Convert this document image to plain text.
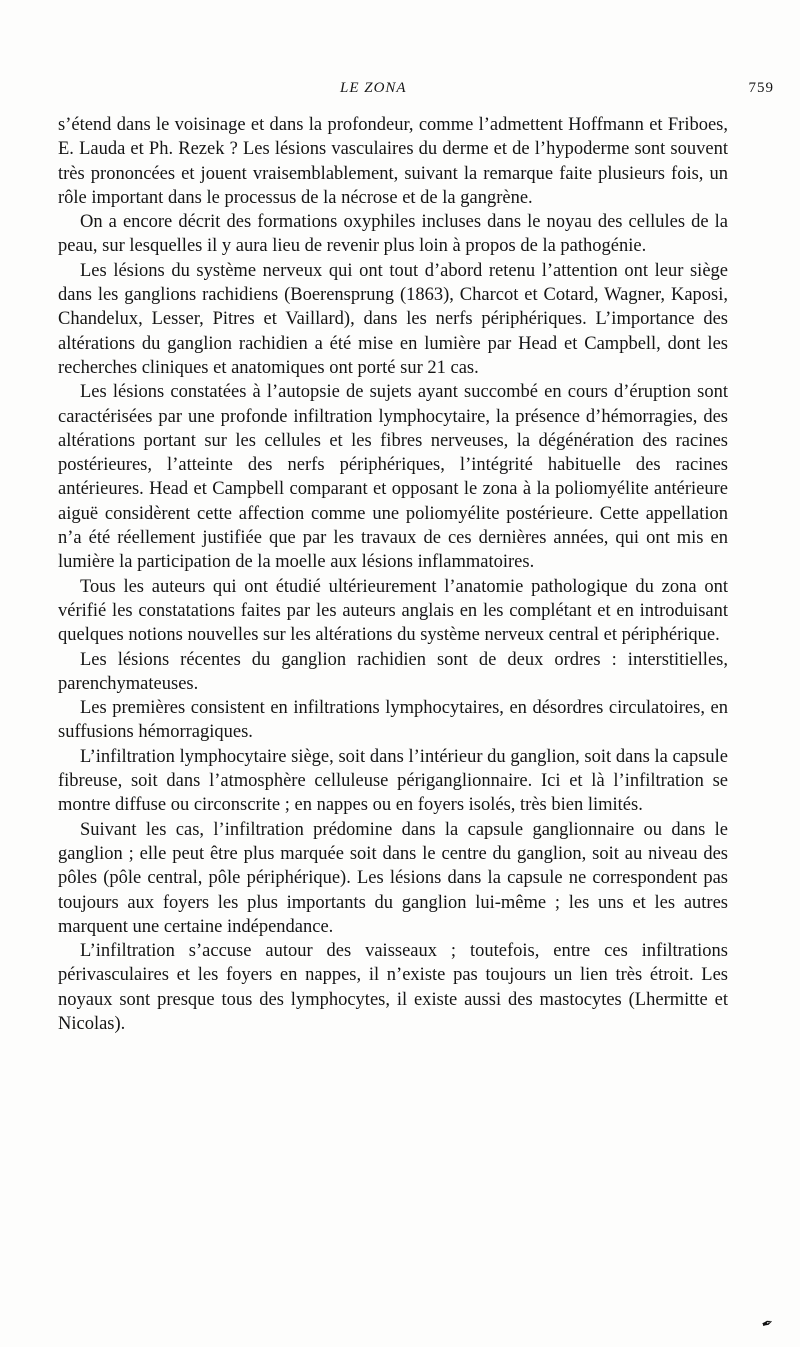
LE ZONA	759

s’étend dans le voisinage et dans la profondeur, comme l’admettent Hoffmann et Friboes, E. Lauda et Ph. Rezek ? Les lésions vasculaires du derme et de l’hypoderme sont souvent très prononcées et jouent vraisemblablement, suivant la remarque faite plusieurs fois, un rôle important dans le processus de la nécrose et de la gangrène.

On a encore décrit des formations oxyphiles incluses dans le noyau des cellules de la peau, sur lesquelles il y aura lieu de revenir plus loin à propos de la pathogénie.

Les lésions du système nerveux qui ont tout d’abord retenu l’attention ont leur siège dans les ganglions rachidiens (Boerensprung (1863), Charcot et Cotard, Wagner, Kaposi, Chandelux, Lesser, Pitres et Vaillard), dans les nerfs périphériques. L’importance des altérations du ganglion rachidien a été mise en lumière par Head et Campbell, dont les recherches cliniques et anatomiques ont porté sur 21 cas.

Les lésions constatées à l’autopsie de sujets ayant succombé en cours d’éruption sont caractérisées par une profonde infiltration lymphocytaire, la présence d’hémorragies, des altérations portant sur les cellules et les fibres nerveuses, la dégénération des racines postérieures, l’atteinte des nerfs périphériques, l’intégrité habituelle des racines antérieures. Head et Campbell comparant et opposant le zona à la poliomyélite antérieure aiguë considèrent cette affection comme une poliomyélite postérieure. Cette appellation n’a été réellement justifiée que par les travaux de ces dernières années, qui ont mis en lumière la participation de la moelle aux lésions inflammatoires.

Tous les auteurs qui ont étudié ultérieurement l’anatomie pathologique du zona ont vérifié les constatations faites par les auteurs anglais en les complétant et en introduisant quelques notions nouvelles sur les altérations du système nerveux central et périphérique.

Les lésions récentes du ganglion rachidien sont de deux ordres : interstitielles, parenchymateuses.

Les premières consistent en infiltrations lymphocytaires, en désordres circulatoires, en suffusions hémorragiques.

L’infiltration lymphocytaire siège, soit dans l’intérieur du ganglion, soit dans la capsule fibreuse, soit dans l’atmosphère celluleuse périganglionnaire. Ici et là l’infiltration se montre diffuse ou circonscrite ; en nappes ou en foyers isolés, très bien limités.

Suivant les cas, l’infiltration prédomine dans la capsule ganglionnaire ou dans le ganglion ; elle peut être plus marquée soit dans le centre du ganglion, soit au niveau des pôles (pôle central, pôle périphérique). Les lésions dans la capsule ne correspondent pas toujours aux foyers les plus importants du ganglion lui-même ; les uns et les autres marquent une certaine indépendance.

L’infiltration s’accuse autour des vaisseaux ; toutefois, entre ces infiltrations périvasculaires et les foyers en nappes, il n’existe pas toujours un lien très étroit. Les noyaux sont presque tous des lymphocytes, il existe aussi des mastocytes (Lhermitte et Nicolas).

✒
